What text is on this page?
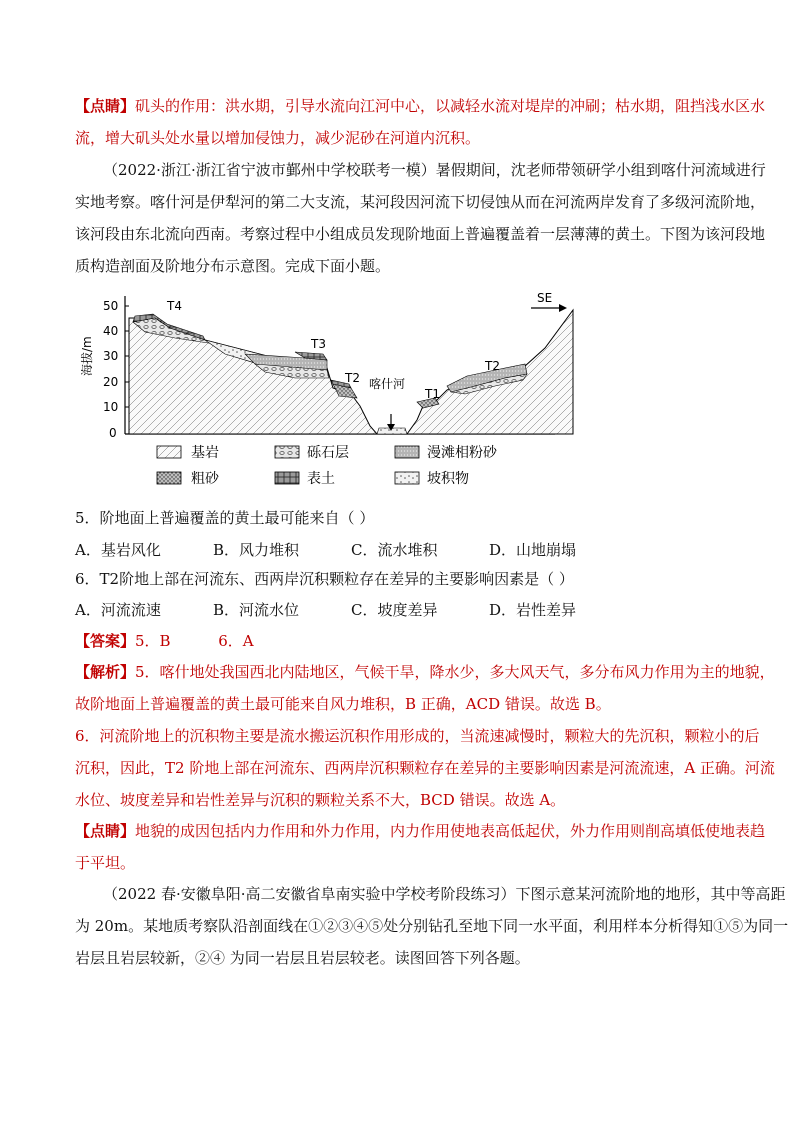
【点睛】矶头的作用：洪水期，引导水流向江河中心，以减轻水流对堤岸的冲刷；枯水期，阻挡浅水区水
流，增大矶头处水量以增加侵蚀力，减少泥砂在河道内沉积。
（2022·浙江·浙江省宁波市鄞州中学校联考一模）暑假期间，沈老师带领研学小组到喀什河流域进行
实地考察。喀什河是伊犁河的第二大支流，某河段因河流下切侵蚀从而在河流两岸发育了多级河流阶地，
该河段由东北流向西南。考察过程中小组成员发现阶地面上普遍覆盖着一层薄薄的黄土。下图为该河段地
质构造剖面及阶地分布示意图。完成下面小题。
50
40
30
20
10
0
海拔/m
T4
T3
T2
T1
T2
喀什河
SE
基岩	砾石层	漫滩相粉砂
粗砂	表土	坡积物
5．阶地面上普遍覆盖的黄土最可能来自（ ）
A．基岩风化	B．风力堆积	C．流水堆积	D．山地崩塌
6．T2阶地上部在河流东、西两岸沉积颗粒存在差异的主要影响因素是（ ）
A．河流流速	B．河流水位	C．坡度差异	D．岩性差异
【答案】5．B          6．A
【解析】5．喀什地处我国西北内陆地区，气候干旱，降水少，多大风天气，多分布风力作用为主的地貌，
故阶地面上普遍覆盖的黄土最可能来自风力堆积，B 正确，ACD 错误。故选 B。
6．河流阶地上的沉积物主要是流水搬运沉积作用形成的，当流速减慢时，颗粒大的先沉积，颗粒小的后
沉积，因此，T2 阶地上部在河流东、西两岸沉积颗粒存在差异的主要影响因素是河流流速，A 正确。河流
水位、坡度差异和岩性差异与沉积的颗粒关系不大，BCD 错误。故选 A。
【点睛】地貌的成因包括内力作用和外力作用，内力作用使地表高低起伏，外力作用则削高填低使地表趋
于平坦。
（2022 春·安徽阜阳·高二安徽省阜南实验中学校考阶段练习）下图示意某河流阶地的地形，其中等高距
为 20m。某地质考察队沿剖面线在①②③④⑤处分别钻孔至地下同一水平面，利用样本分析得知①⑤为同一
岩层且岩层较新，②④ 为同一岩层且岩层较老。读图回答下列各题。
